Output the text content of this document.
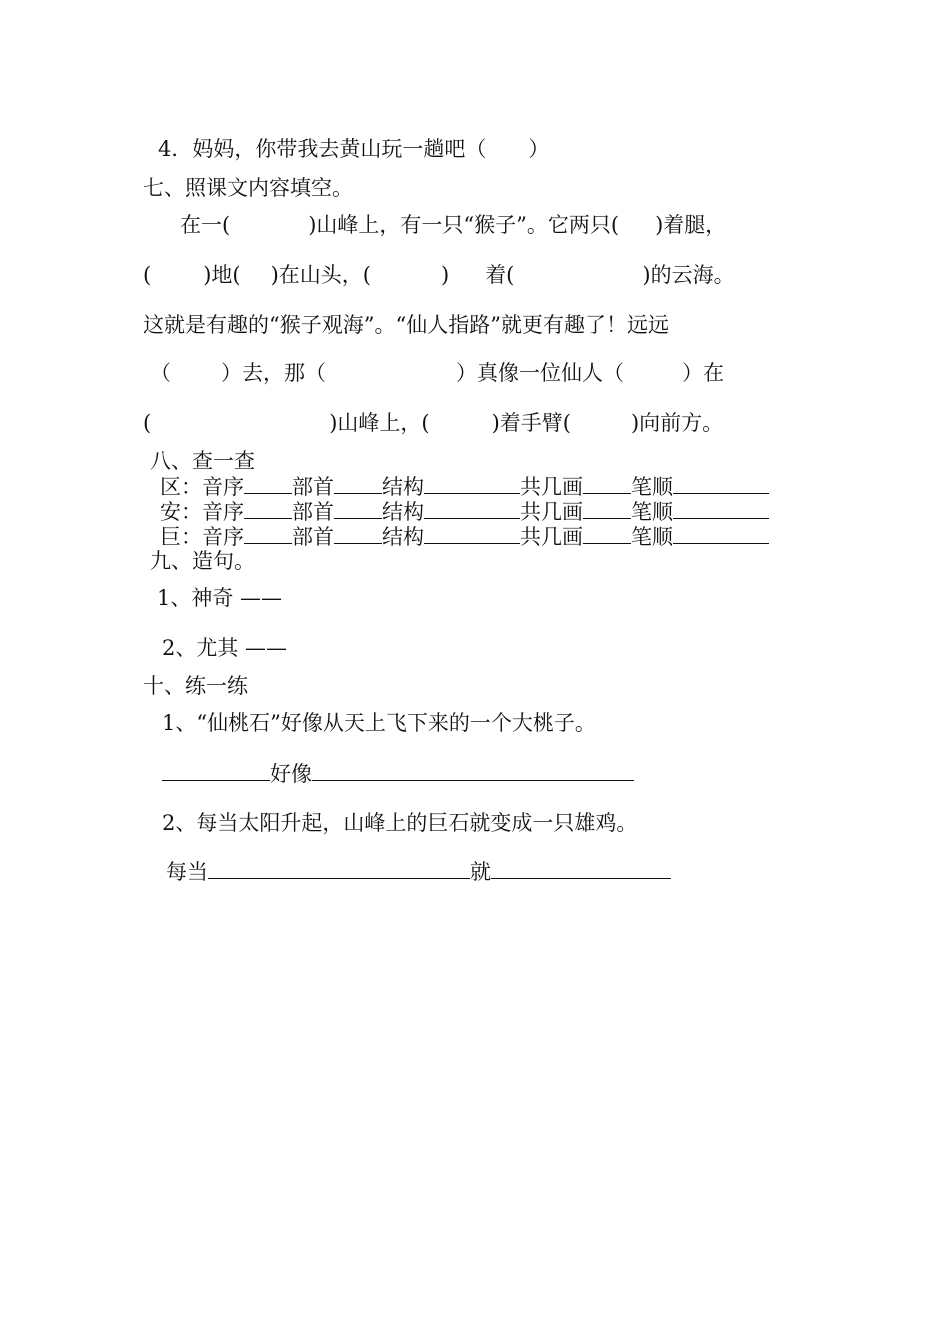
4．妈妈，你带我去黄山玩一趟吧（　　）
七、照课文内容填空。
在一(	)山峰上，有一只“猴子”。它两只( )着腿，
( )地( )在山头，(	) 着(	)的云海。
这就是有趣的“猴子观海”。“仙人指路”就更有趣了！远远
（ ）去，那（	）真像一位仙人（	）在
(	)山峰上，(	)着手臂(	)向前方。
八、查一查
区：音序 部首 结构	共几画 笔顺
安：音序 部首 结构	共几画 笔顺
巨：音序 部首 结构	共几画 笔顺
九、造句。
1、神奇 ——
2、尤其 ——
十、练一练
1、“仙桃石”好像从天上飞下来的一个大桃子。
好像
2、每当太阳升起，山峰上的巨石就变成一只雄鸡。
每当	就
